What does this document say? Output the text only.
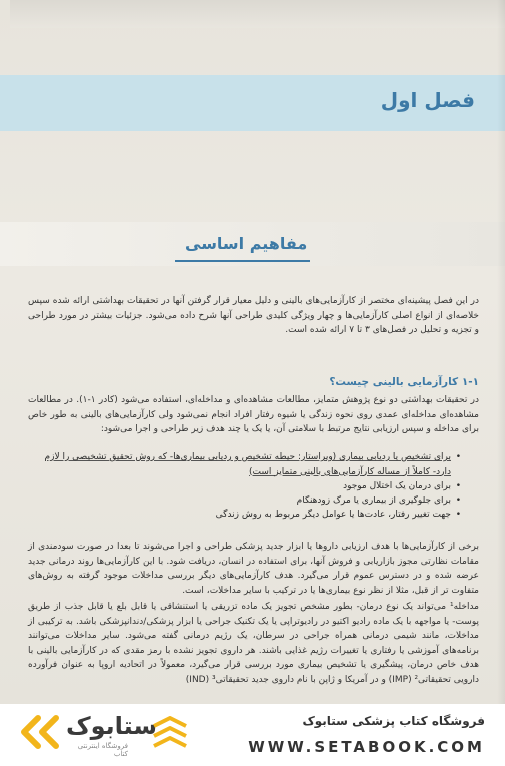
فصل اول
مفاهیم اساسی
در این فصل پیشینه‌ای مختصر از کارآزمایی‌های بالینی و دلیل معیار قرار گرفتن آنها در تحقیقات بهداشتی ارائه شده سپس خلاصه‌ای از انواع اصلی کارآزمایی‌ها و چهار ویژگی کلیدی طراحی آنها شرح داده می‌شود. جزئیات بیشتر در مورد طراحی و تجزیه و تحلیل در فصل‌های ۳ تا ۷ ارائه شده است.
۱-۱ کارآزمایی بالینی چیست؟
در تحقیقات بهداشتی دو نوع پژوهش متمایز، مطالعات مشاهده‌ای و مداخله‌ای، استفاده می‌شود (کادر ۱-۱). در مطالعات مشاهده‌ای مداخله‌ای عمدی روی نحوه زندگی یا شیوه رفتار افراد انجام نمی‌شود ولی کارآزمایی‌های بالینی به طور خاص برای مداخله و سپس ارزیابی نتایج مرتبط با سلامتی آن، یا یک یا چند هدف زیر طراحی و اجرا می‌شود:
• برای تشخیص یا ردیابی بیماری (ویراستار: حیطه تشخیص و ردیابی بیماری‌ها- که روش تحقیق تشخیصی را لازم دارد- کاملاً از مساله کارآزمایی‌های بالینی متمایز است)
• برای درمان یک اختلال موجود
• برای جلوگیری از بیماری یا مرگ زودهنگام
• جهت تغییر رفتار، عادت‌ها یا عوامل دیگر مربوط به روش زندگی
برخی از کارآزمایی‌ها با هدف ارزیابی داروها یا ابزار جدید پزشکی طراحی و اجرا می‌شوند تا بعدا در صورت سودمندی از مقامات نظارتی مجوز بازاریابی و فروش آنها، برای استفاده در انسان، دریافت شود. با این کارآزمایی‌ها روند درمانی جدید عرضه شده و در دسترس عموم قرار می‌گیرد. هدف کارآزمایی‌های دیگر بررسی مداخلات موجود گرفته به روش‌های متفاوت تر از قبل، مثلا از نظر نوع بیماری‌ها یا در ترکیب با سایر مداخلات، است.
مداخله¹ می‌تواند یک نوع درمان- بطور مشخص تجویز یک ماده تزریقی یا استنشاقی یا قابل بلع یا قابل جذب از طریق پوست- یا مواجهه با یک ماده رادیو اکتیو در رادیوتراپی یا یک تکنیک جراحی یا ابزار پزشکی/دندانپزشکی باشد. به ترکیبی از مداخلات، مانند شیمی درمانی همراه جراحی در سرطان، یک رژیم درمانی گفته می‌شود. سایر مداخلات می‌توانند برنامه‌های آموزشی یا رفتاری یا تغییرات رژیم غذایی باشند. هر داروی تجویز نشده با رمز مقدی که در کارآزمایی بالینی با هدف خاص درمان، پیشگیری یا تشخیص بیماری مورد بررسی قرار می‌گیرد، معمولاً در اتحادیه اروپا به عنوان فرآورده دارویی تحقیقاتی² (IMP) و در آمریکا و ژاپن با نام داروی جدید تحقیقاتی³ (IND)
ستابوک
فروشگاه اینترنتی کتاب
فروشگاه کتاب پزشکی ستابوک
WWW.SETABOOK.COM
